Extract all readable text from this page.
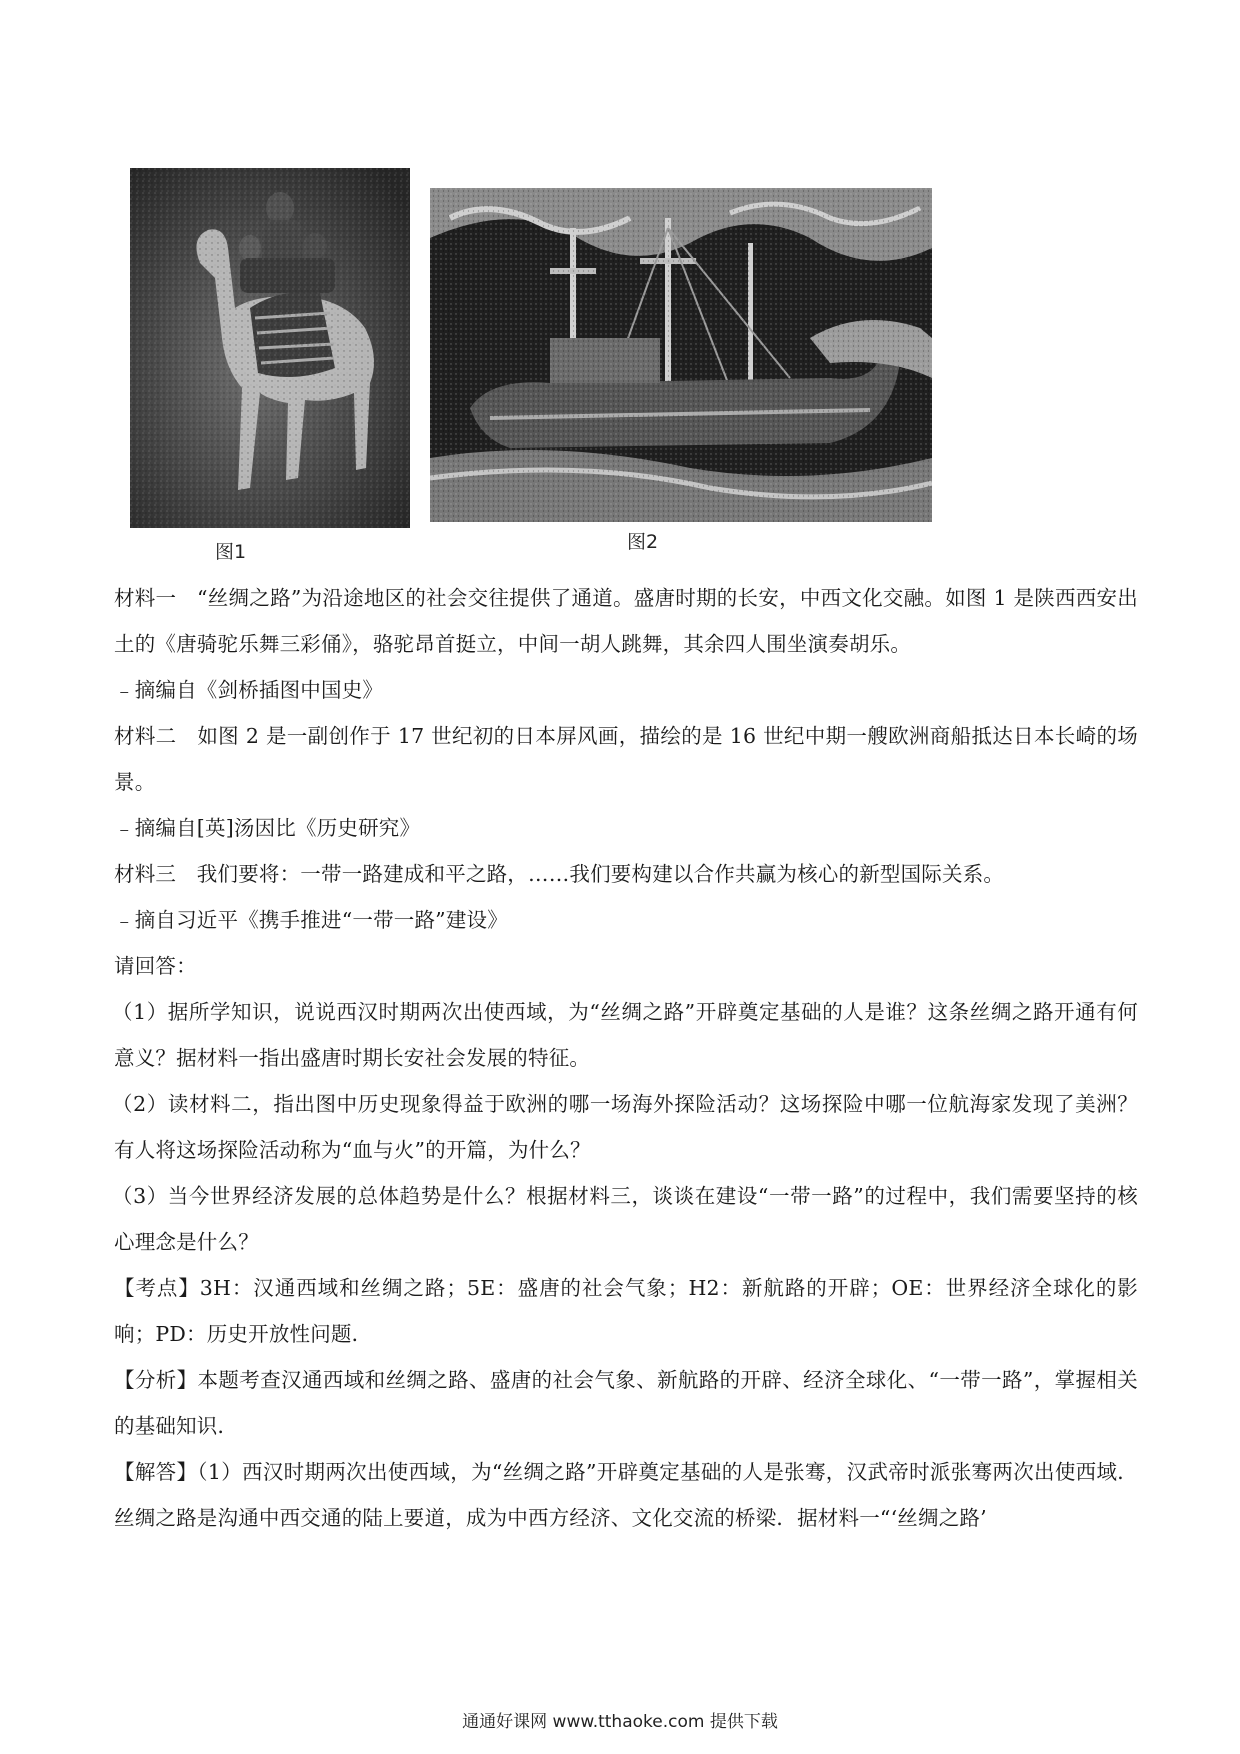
图1	图2

材料一　“丝绸之路”为沿途地区的社会交往提供了通道。盛唐时期的长安，中西文化交融。如图 1 是陕西西安出土的《唐骑驼乐舞三彩俑》，骆驼昂首挺立，中间一胡人跳舞，其余四人围坐演奏胡乐。

﹣摘编自《剑桥插图中国史》

材料二　如图 2 是一副创作于 17 世纪初的日本屏风画，描绘的是 16 世纪中期一艘欧洲商船抵达日本长崎的场景。

﹣摘编自[英]汤因比《历史研究》

材料三　我们要将：一带一路建成和平之路，……我们要构建以合作共赢为核心的新型国际关系。

﹣摘自习近平《携手推进“一带一路”建设》

请回答：

（1）据所学知识，说说西汉时期两次出使西域，为“丝绸之路”开辟奠定基础的人是谁？这条丝绸之路开通有何意义？据材料一指出盛唐时期长安社会发展的特征。

（2）读材料二，指出图中历史现象得益于欧洲的哪一场海外探险活动？这场探险中哪一位航海家发现了美洲？有人将这场探险活动称为“血与火”的开篇，为什么？

（3）当今世界经济发展的总体趋势是什么？根据材料三，谈谈在建设“一带一路”的过程中，我们需要坚持的核心理念是什么？

【考点】3H：汉通西域和丝绸之路；5E：盛唐的社会气象；H2：新航路的开辟；OE：世界经济全球化的影响；PD：历史开放性问题．

【分析】本题考查汉通西域和丝绸之路、盛唐的社会气象、新航路的开辟、经济全球化、“一带一路”，掌握相关的基础知识．

【解答】（1）西汉时期两次出使西域，为“丝绸之路”开辟奠定基础的人是张骞，汉武帝时派张骞两次出使西域．丝绸之路是沟通中西交通的陆上要道，成为中西方经济、文化交流的桥梁．据材料一“‘丝绸之路’

通通好课网 www.tthaoke.com 提供下载
